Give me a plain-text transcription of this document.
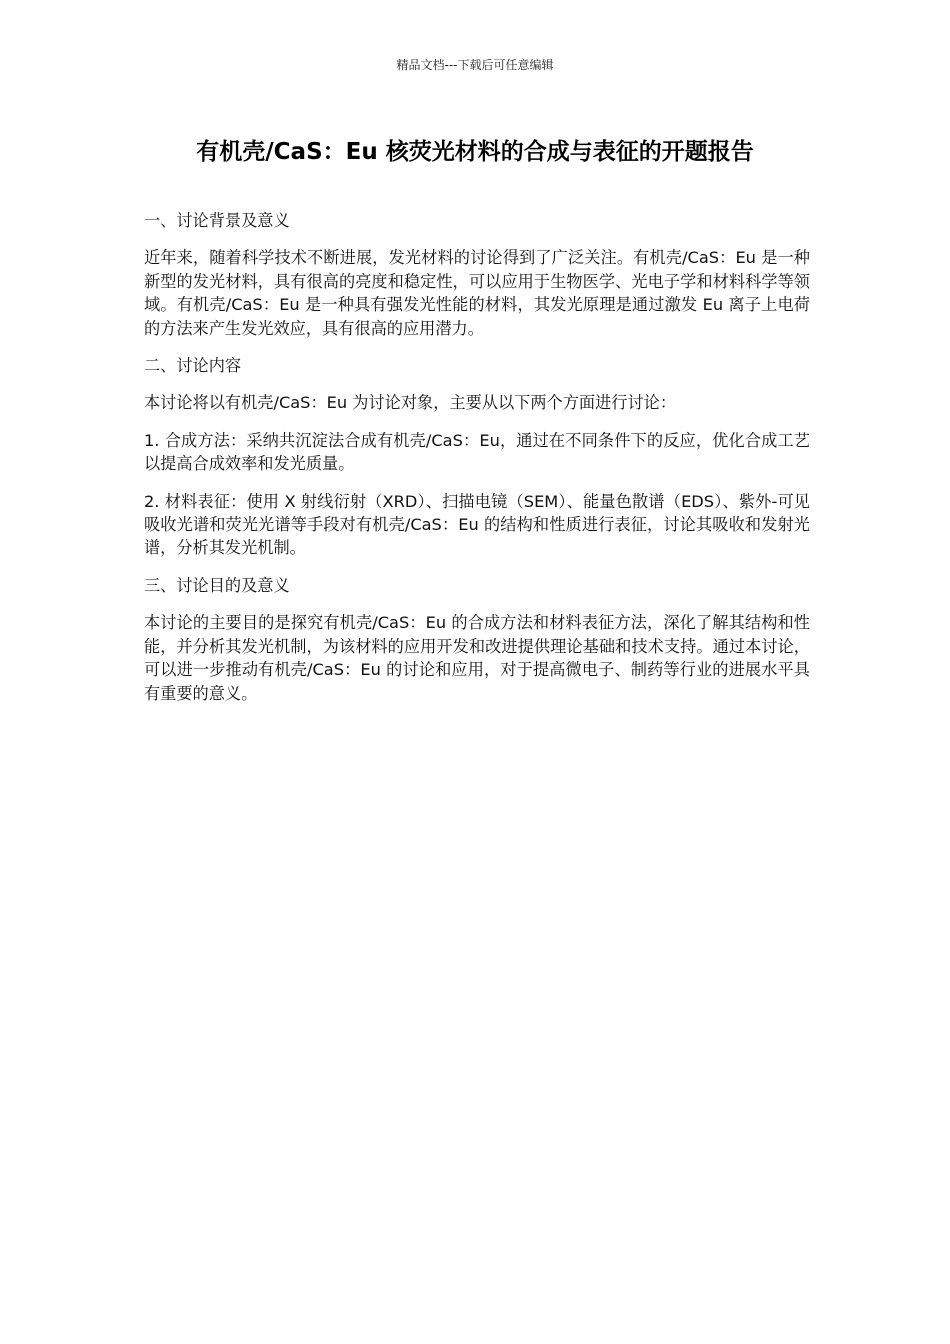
精品文档---下载后可任意编辑
有机壳/CaS：Eu 核荧光材料的合成与表征的开题报告

一、讨论背景及意义

近年来，随着科学技术不断进展，发光材料的讨论得到了广泛关注。有机壳/CaS：Eu 是一种新型的发光材料，具有很高的亮度和稳定性，可以应用于生物医学、光电子学和材料科学等领域。有机壳/CaS：Eu 是一种具有强发光性能的材料，其发光原理是通过激发 Eu 离子上电荷的方法来产生发光效应，具有很高的应用潜力。

二、讨论内容

本讨论将以有机壳/CaS：Eu 为讨论对象，主要从以下两个方面进行讨论：

1. 合成方法：采纳共沉淀法合成有机壳/CaS：Eu，通过在不同条件下的反应，优化合成工艺以提高合成效率和发光质量。

2. 材料表征：使用 X 射线衍射（XRD）、扫描电镜（SEM）、能量色散谱（EDS）、紫外-可见吸收光谱和荧光光谱等手段对有机壳/CaS：Eu 的结构和性质进行表征，讨论其吸收和发射光谱，分析其发光机制。

三、讨论目的及意义

本讨论的主要目的是探究有机壳/CaS：Eu 的合成方法和材料表征方法，深化了解其结构和性能，并分析其发光机制，为该材料的应用开发和改进提供理论基础和技术支持。通过本讨论，可以进一步推动有机壳/CaS：Eu 的讨论和应用，对于提高微电子、制药等行业的进展水平具有重要的意义。
